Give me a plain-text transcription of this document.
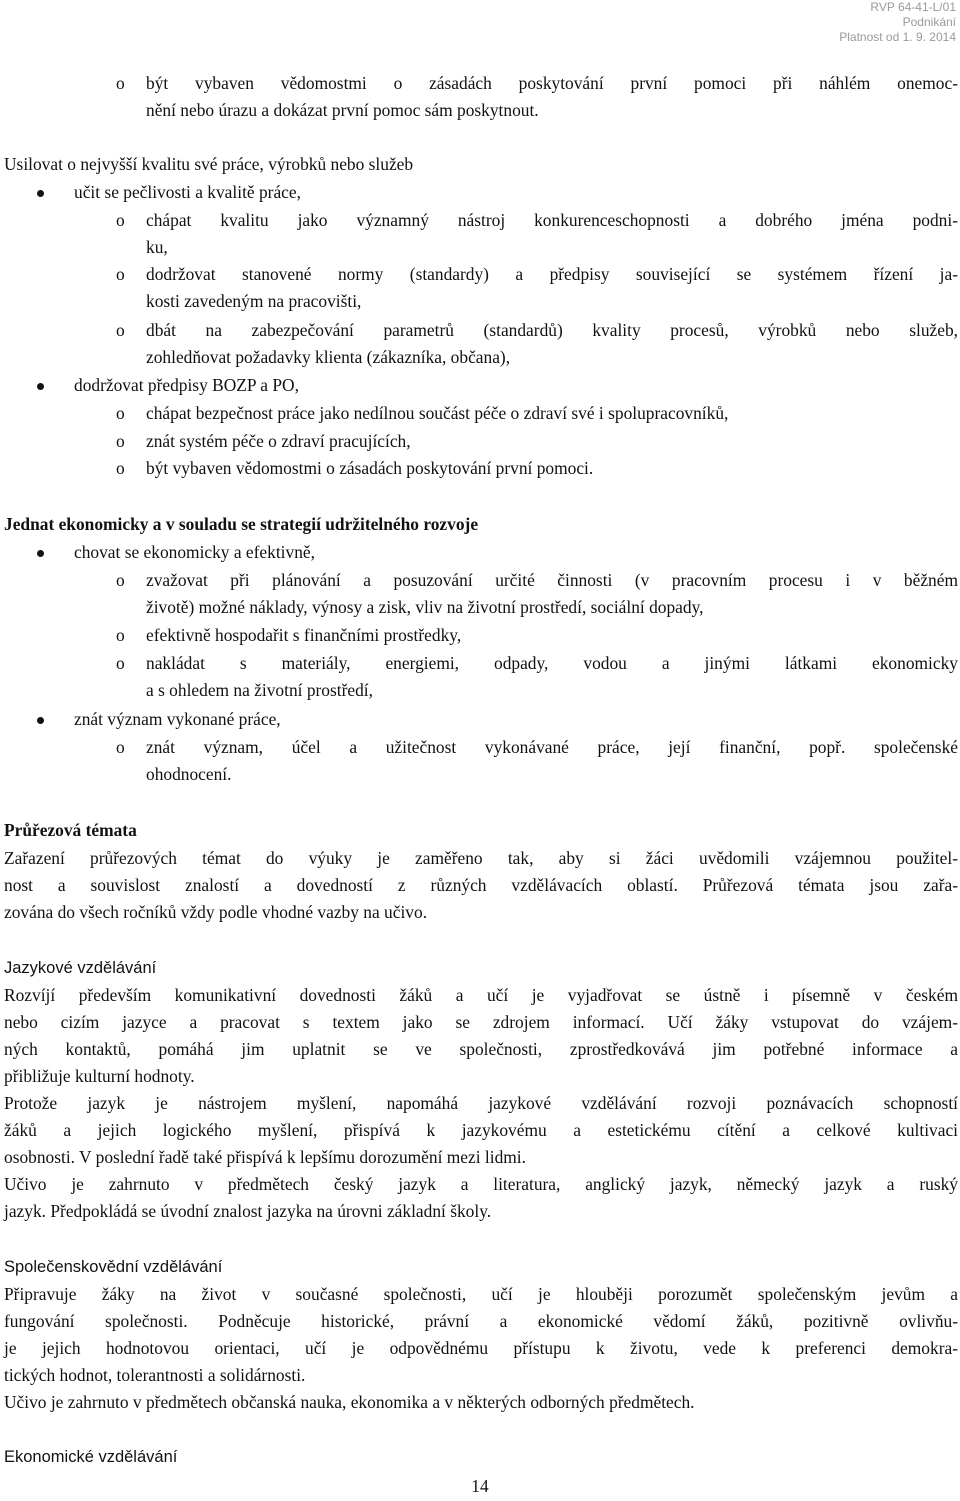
RVP 64-41-L/01
Podnikání
Platnost od 1. 9. 2014
o být vybaven vědomostmi o zásadách poskytování první pomoci při náhlém onemoc-
nění nebo úrazu a dokázat první pomoc sám poskytnout.
Usilovat o nejvyšší kvalitu své práce, výrobků nebo služeb
učit se pečlivosti a kvalitě práce,
o chápat kvalitu jako významný nástroj konkurenceschopnosti a dobrého jména podni-
ku,
o dodržovat stanovené normy (standardy) a předpisy související se systémem řízení ja-
kosti zavedeným na pracovišti,
o dbát na zabezpečování parametrů (standardů) kvality procesů, výrobků nebo služeb,
zohledňovat požadavky klienta (zákazníka, občana),
dodržovat předpisy BOZP a PO,
o chápat bezpečnost práce jako nedílnou součást péče o zdraví své i spolupracovníků,
o znát systém péče o zdraví pracujících,
o být vybaven vědomostmi o zásadách poskytování první pomoci.
Jednat ekonomicky a v souladu se strategií udržitelného rozvoje
chovat se ekonomicky a efektivně,
o zvažovat při plánování a posuzování určité činnosti (v pracovním procesu i v běžném
životě) možné náklady, výnosy a zisk, vliv na životní prostředí, sociální dopady,
o efektivně hospodařit s finančními prostředky,
o nakládat s materiály, energiemi, odpady, vodou a jinými látkami ekonomicky
a s ohledem na životní prostředí,
znát význam vykonané práce,
o znát význam, účel a užitečnost vykonávané práce, její finanční, popř. společenské
ohodnocení.
Průřezová témata
Zařazení průřezových témat do výuky je zaměřeno tak, aby si žáci uvědomili vzájemnou použitel-
nost a souvislost znalostí a dovedností z různých vzdělávacích oblastí. Průřezová témata jsou zařa-
zována do všech ročníků vždy podle vhodné vazby na učivo.
Jazykové vzdělávání
Rozvíjí především komunikativní dovednosti žáků a učí je vyjadřovat se ústně i písemně v českém
nebo cizím jazyce a pracovat s textem jako se zdrojem informací. Učí žáky vstupovat do vzájem-
ných kontaktů, pomáhá jim uplatnit se ve společnosti, zprostředkovává jim potřebné informace a
přibližuje kulturní hodnoty.
Protože jazyk je nástrojem myšlení, napomáhá jazykové vzdělávání rozvoji poznávacích schopností
žáků a jejich logického myšlení, přispívá k jazykovému a estetickému cítění a celkové kultivaci
osobnosti. V poslední řadě také přispívá k lepšímu dorozumění mezi lidmi.
Učivo je zahrnuto v předmětech český jazyk a literatura, anglický jazyk, německý jazyk a ruský
jazyk. Předpokládá se úvodní znalost jazyka na úrovni základní školy.
Společenskovědní vzdělávání
Připravuje žáky na život v současné společnosti, učí je hlouběji porozumět společenským jevům a
fungování společnosti. Podněcuje historické, právní a ekonomické vědomí žáků, pozitivně ovlivňu-
je jejich hodnotovou orientaci, učí je odpovědnému přístupu k životu, vede k preferenci demokra-
tických hodnot, tolerantnosti a solidárnosti.
Učivo je zahrnuto v předmětech občanská nauka, ekonomika a v některých odborných předmětech.
Ekonomické vzdělávání
14
